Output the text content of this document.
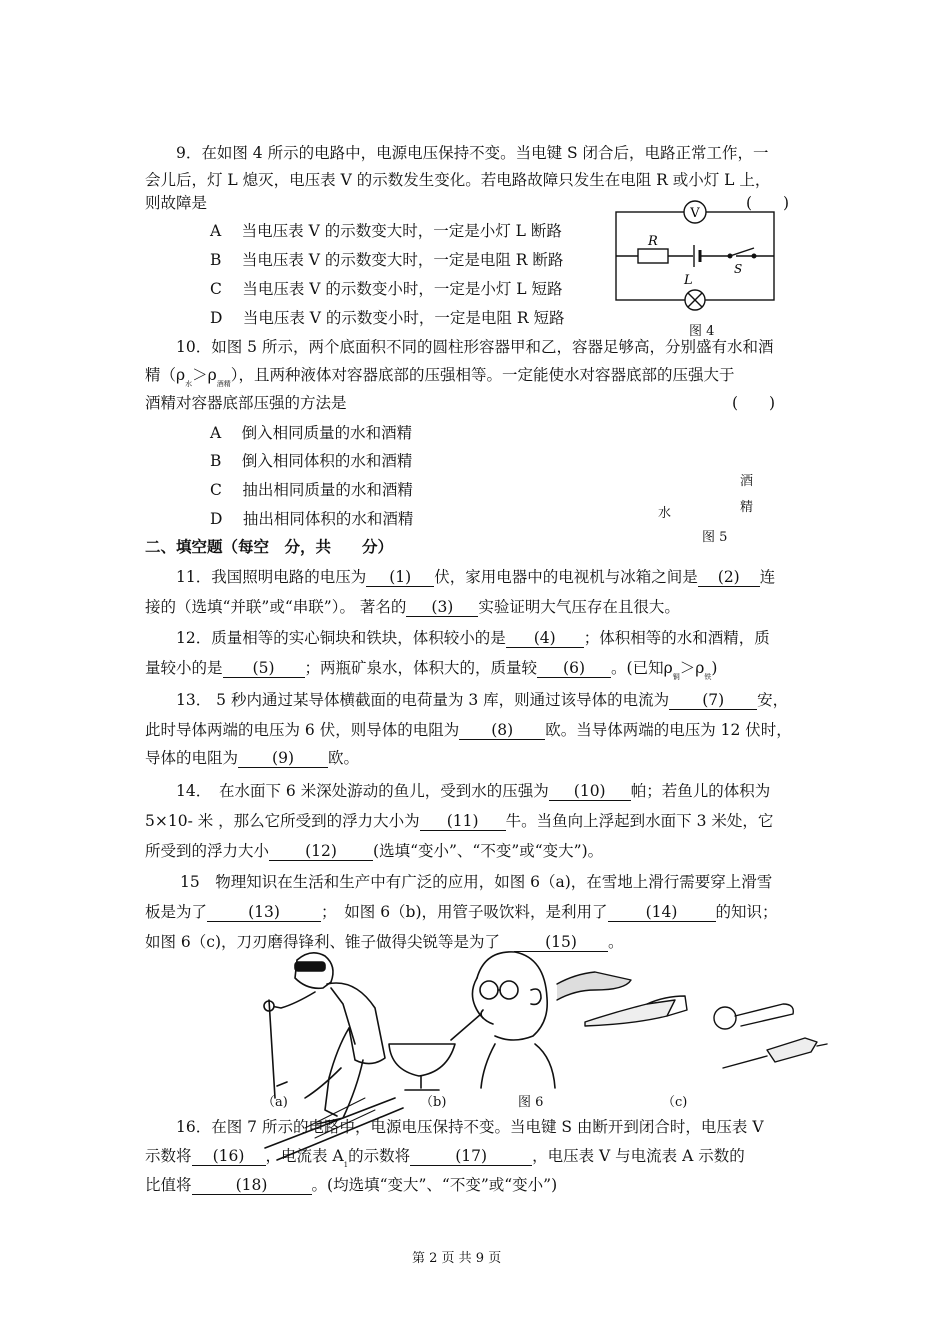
9．在如图 4 所示的电路中，电源电压保持不变。当电键 S 闭合后，电路正常工作，一
会儿后，灯 L 熄灭，电压表 V 的示数发生变化。若电路故障只发生在电阻 R 或小灯 L 上，
则故障是	(　　)
A　 当电压表 V 的示数变大时，一定是小灯 L 断路
B　 当电压表 V 的示数变大时，一定是电阻 R 断路
C　 当电压表 V 的示数变小时，一定是小灯 L 短路
D　 当电压表 V 的示数变小时，一定是电阻 R 短路
V
R
L
S
图 4
10．如图 5 所示，两个底面积不同的圆柱形容器甲和乙，容器足够高，分别盛有水和酒
精$(\rho_水>\rho_{酒精})$，且两种液体对容器底部的压强相等。一定能使水对容器底部的压强大于
酒精对容器底部压强的方法是	(　　)
A　 倒入相同质量的水和酒精
B　 倒入相同体积的水和酒精
C　 抽出相同质量的水和酒精
D　 抽出相同体积的水和酒精
酒
精
水
图 5
二、填空题（每空　分，共　　分）
11．我国照明电路的电压为 (1) 伏，家用电器中的电视机与冰箱之间是 (2) 连
接的（选填“并联”或“串联”）。 著名的 (3) 实验证明大气压存在且很大。
12．质量相等的实心铜块和铁块，体积较小的是 (4) ；体积相等的水和酒精，质
量较小的是 (5) ；两瓶矿泉水，体积大的，质量较 (6) 。(已知$\rho_铜>\rho_铁$)
13． 5 秒内通过某导体横截面的电荷量为 3 库，则通过该导体的电流为 (7) 安，
此时导体两端的电压为 6 伏，则导体的电阻为 (8) 欧。当导体两端的电压为 12 伏时，
导体的电阻为 (9) 欧。
14．　在水面下 6 米深处游动的鱼儿，受到水的压强为 (10) 帕；若鱼儿的体积为
5×10- 米 ，那么它所受到的浮力大小为 (11) 牛。当鱼向上浮起到水面下 3 米处，它
所受到的浮力大小 (12) (选填“变小”、“不变”或“变大”)。
15　物理知识在生活和生产中有广泛的应用，如图 6（a)，在雪地上滑行需要穿上滑雪
板是为了	(13)	；　如图 6（b)，用管子吸饮料，是利用了 (14) 的知识；
如图 6（c)，刀刃磨得锋利、锥子做得尖锐等是为了	(15) 。
（a)	（b)	图 6	（c)
16．在图 7 所示的电路中，电源电压保持不变。当电键 S 由断开到闭合时，电压表 V
示数将 (16) ，电流表 $A_1$的示数将	(17)	，电压表 V 与电流表 A 示数的
比值将	(18)	。(均选填“变大”、“不变”或“变小”)
第 2 页 共 9 页
